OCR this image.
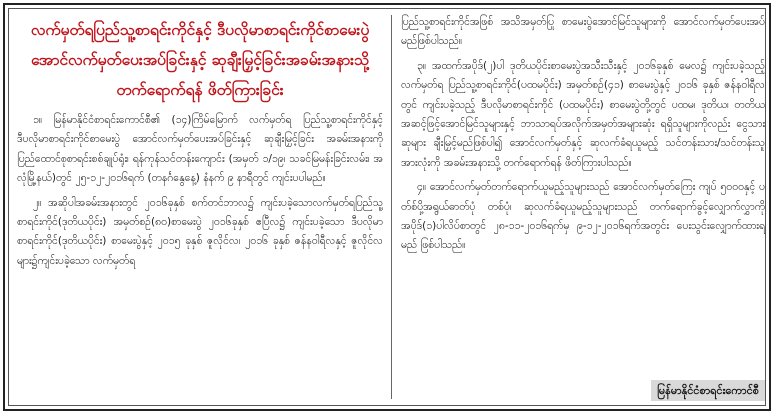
လက်မှတ်ရပြည်သူ့စာရင်းကိုင်နှင့် ဒီပလိုမာစာရင်းကိုင်စာမေးပွဲ အောင်လက်မှတ်ပေးအပ်ခြင်းနှင့် ဆုချီးမြှင့်ခြင်းအခမ်းအနားသို့ တက်ရောက်ရန် ဖိတ်ကြားခြင်း

၁။ မြန်မာနိုင်ငံစာရင်းကောင်စီ၏ (၁၄)ကြိမ်မြောက် လက်မှတ်ရ ပြည်သူ့စာရင်းကိုင်နှင့် ဒီပလိုမာစာရင်းကိုင်စာမေးပွဲ အောင်လက်မှတ်ပေးအပ်ခြင်းနှင့် ဆုချီးမြှင့်ခြင်း အခမ်းအနားကို ပြည်ထောင်စုစာရင်းစစ်ချုပ်ရုံး၊ ရန်ကုန်သင်တန်းကျောင်း (အမှတ် ၁/၁၉၊ သခင်မြမန်းခြင်းလမ်း၊ အလုံမြို့နယ်)တွင် ၂၅-၁၂-၂၀၁၆ရက် (တနင်္ဂနွေနေ့) နံနက် ၉ နာရီတွင် ကျင်းပပါမည်။

၂။ အဆိုပါအခမ်းအနားတွင် ၂၀၁၆ခုနှစ် စက်တင်ဘာလ၌ ကျင်းပခဲ့သောလက်မှတ်ရပြည်သူ့စာရင်းကိုင်(ဒုတိယပိုင်း) အမှတ်စဉ်(၈၀)စာမေးပွဲ ၂၀၁၆ခုနှစ် ဧပြီလ၌ ကျင်းပခဲ့သော ဒီပလိုမာစာရင်းကိုင်(ဒုတိယပိုင်း) စာမေးပွဲနှင့် ၂၀၁၅ ခုနှစ် ဇူလိုင်လ၊ ၂၀၁၆ ခုနှစ် ဇန်နဝါရီလနှင့် ဇူလိုင်လများ၌ကျင်းပခဲ့သော လက်မှတ်ရ

ပြည်သူ့စာရင်းကိုင်အဖြစ် အသိအမှတ်ပြု စာမေးပွဲအောင်မြင်သူများကို အောင်လက်မှတ်ပေးအပ်မည်ဖြစ်ပါသည်။

၃။ အထက်အပိုဒ်(၂)ပါ ဒုတိယပိုင်းစာမေးပွဲအသီးသီးနှင့် ၂၀၁၆ခုနှစ် မေလ၌ ကျင်းပခဲ့သည့် လက်မှတ်ရ ပြည်သူ့စာရင်းကိုင်(ပထမပိုင်း) အမှတ်စဉ်(၄၁) စာမေးပွဲနှင့် ၂၀၁၆ ခုနှစ် ဇန်နဝါရီလတွင် ကျင်းပခဲ့သည့် ဒီပလိုမာစာရင်းကိုင် (ပထမပိုင်း) စာမေးပွဲတို့တွင် ပထမ၊ ဒုတိယ၊ တတိယအဆင့်ဖြင့်အောင်မြင်သူများနှင့် ဘာသာရပ်အလိုက်အမှတ်အများဆုံး ရရှိသူများကိုလည်း ငွေသားဆုများ ချီးမြှင့်မည်ဖြစ်ပါ၍ အောင်လက်မှတ်နှင့် ဆုလက်ခံရယူမည့် သင်တန်းသား/သင်တန်းသူ အားလုံးကို အခမ်းအနားသို့ တက်ရောက်ရန် ဖိတ်ကြားပါသည်။

၄။ အောင်လက်မှတ်တက်ရောက်ယူမည့်သူများသည် အောင်လက်မှတ်ကြေး ကျပ် ၅၀၀၀နှင့် ပတ်စ်ပို့အရွယ်ဓာတ်ပုံ တစ်ပုံ၊ ဆုလက်ခံရယူမည့်သူများသည် တက်ရောက်ခွင့်လျှောက်လွှာကို အပိုဒ်(၁)ပါလိပ်စာတွင် ၂၈-၁၁-၂၀၁၆ရက်မှ ၉-၁၂-၂၀၁၆ရက်အတွင်း ပေးသွင်းလျှောက်ထားရမည် ဖြစ်ပါသည်။

မြန်မာနိုင်ငံစာရင်းကောင်စီ
